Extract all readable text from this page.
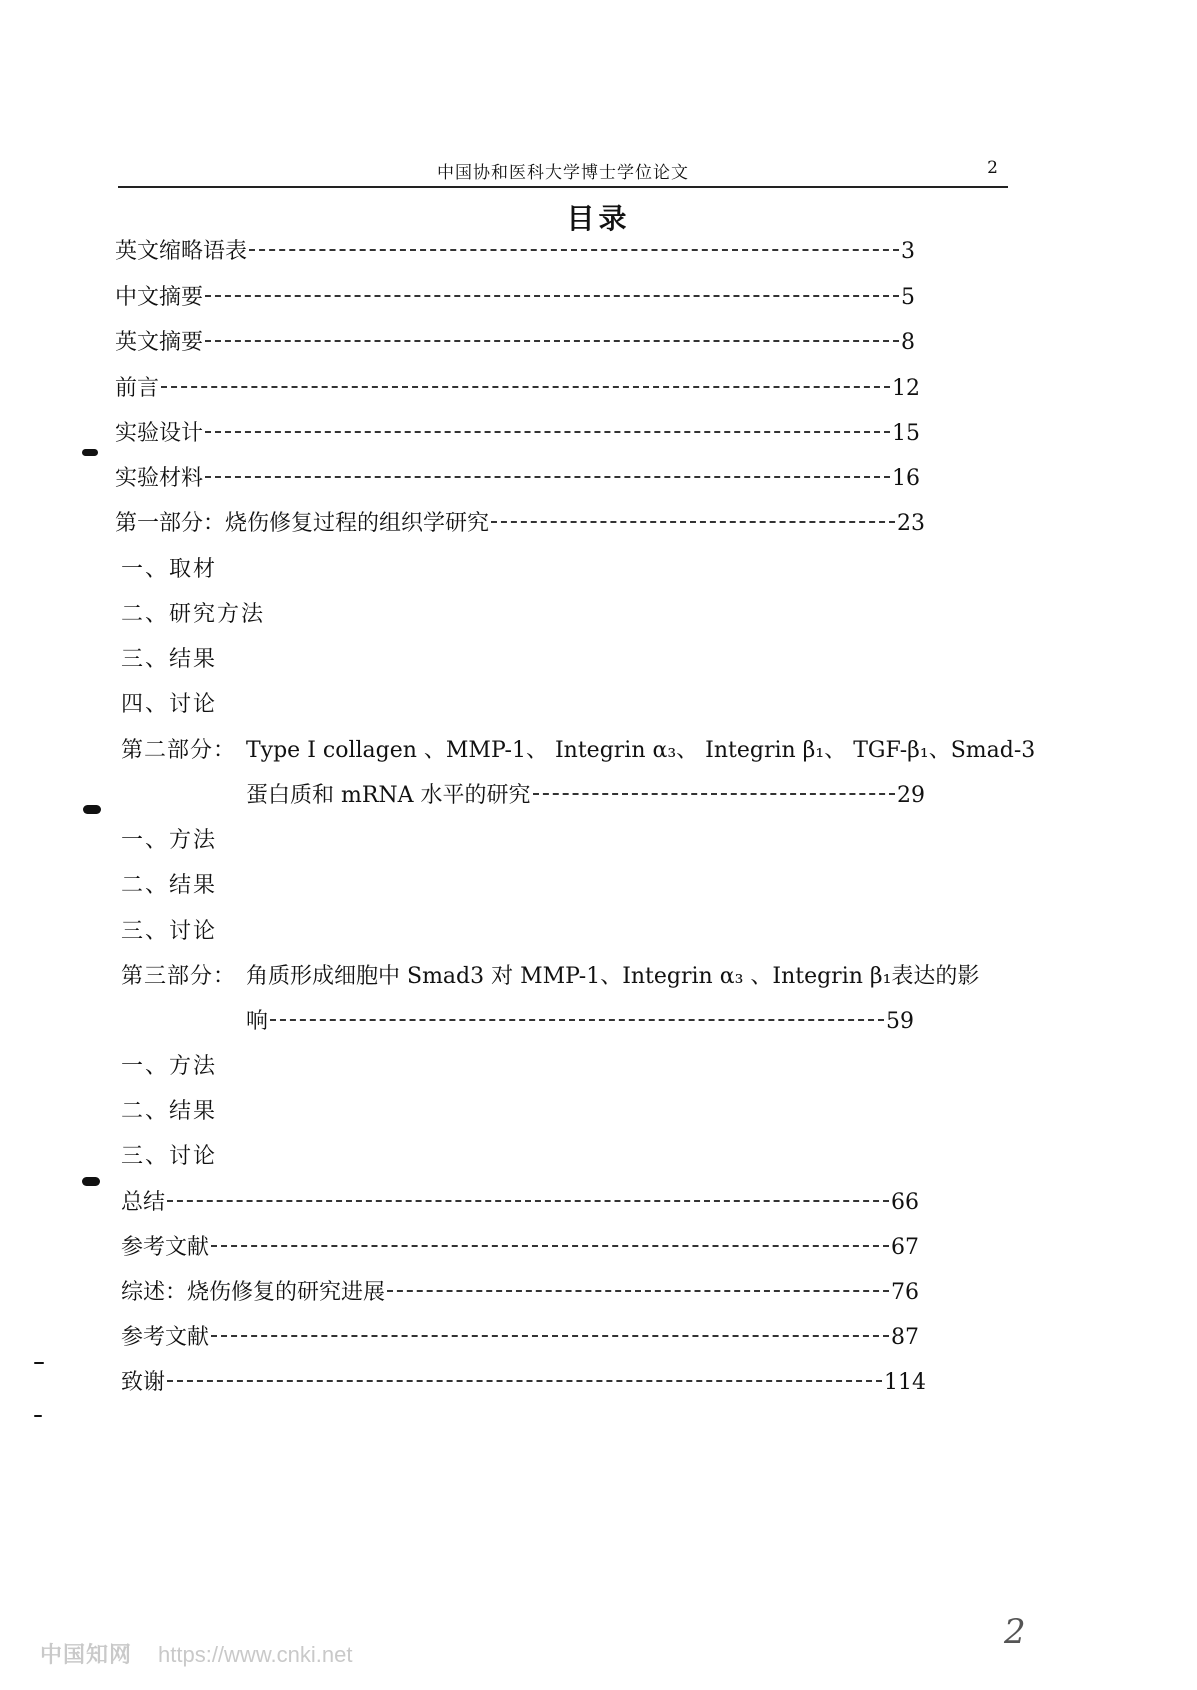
中国协和医科大学博士学位论文	2
目录
英文缩略语表	3
中文摘要	5
英文摘要	8
前言	12
实验设计	15
实验材料	16
第一部分：烧伤修复过程的组织学研究	23
一、取材
二、研究方法
三、结果
四、讨论
第二部分： Type I collagen 、MMP-1、 Integrin α₃、 Integrin β₁、 TGF-β₁、Smad-3
蛋白质和 mRNA 水平的研究	29
一、方法
二、结果
三、讨论
第三部分： 角质形成细胞中 Smad3 对 MMP-1、Integrin α₃ 、Integrin β₁表达的影
响	59
一、方法
二、结果
三、讨论
总结	66
参考文献	67
综述：烧伤修复的研究进展	76
参考文献	87
致谢	114
2
中国知网 https://www.cnki.net
